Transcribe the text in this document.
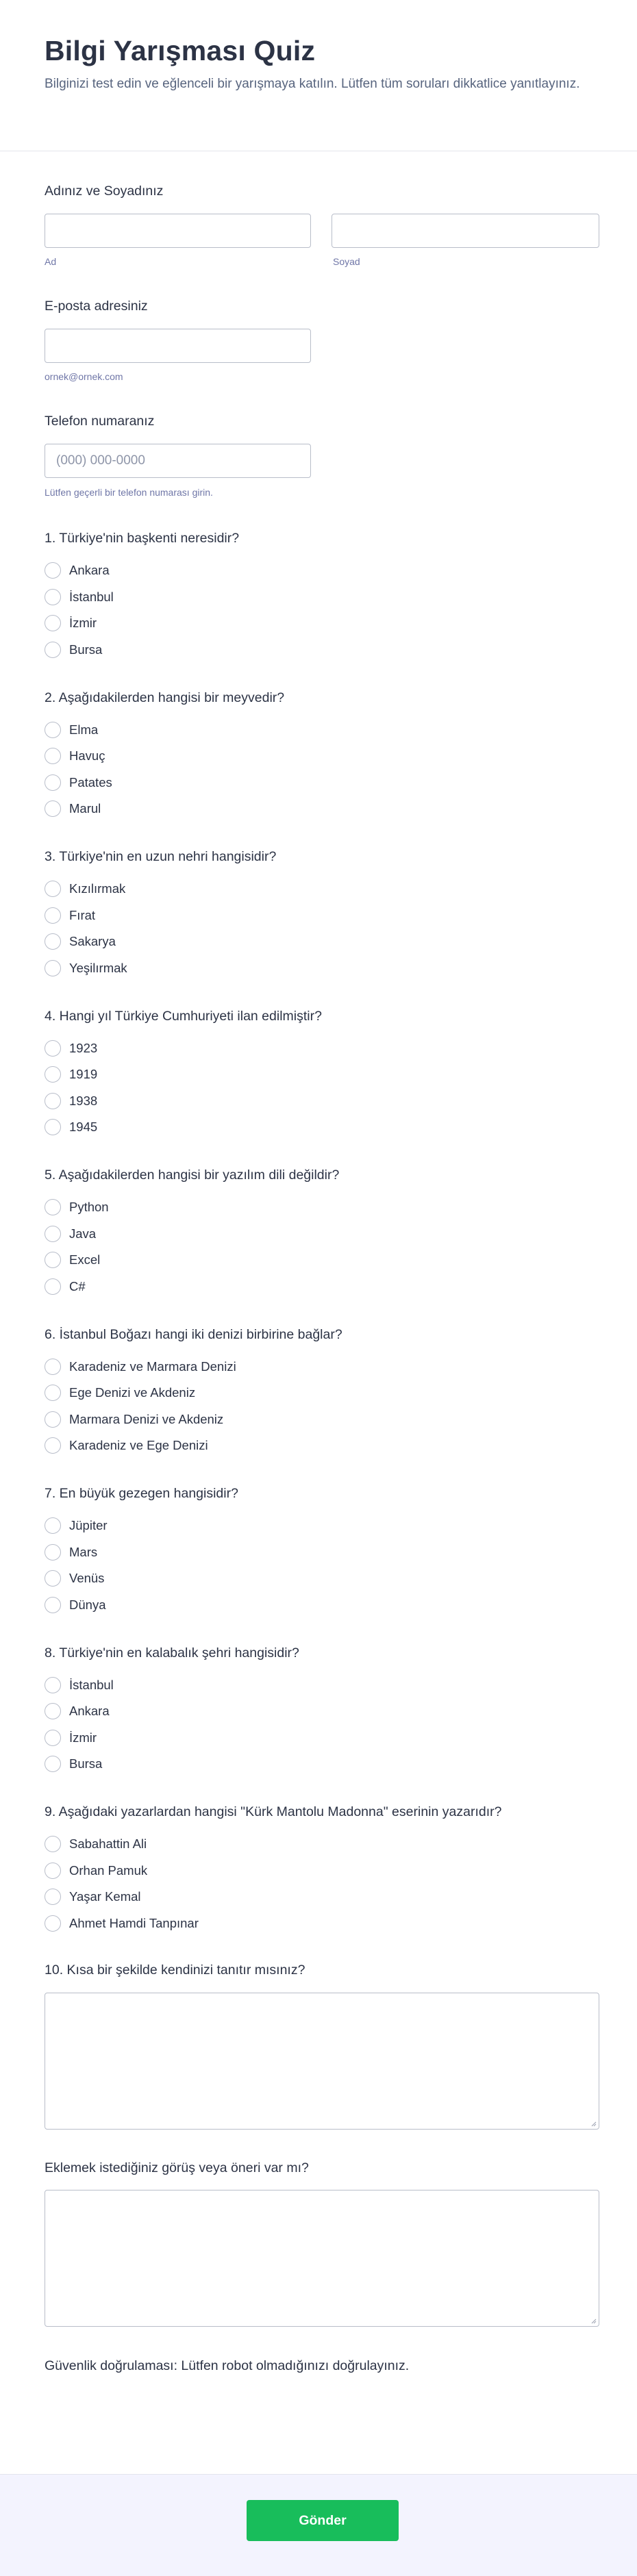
Bilgi Yarışması Quiz
Bilginizi test edin ve eğlenceli bir yarışmaya katılın. Lütfen tüm soruları dikkatlice yanıtlayınız.
Adınız ve Soyadınız
Ad	Soyad
E-posta adresiniz
ornek@ornek.com
Telefon numaranız
(000) 000-0000
Lütfen geçerli bir telefon numarası girin.
1. Türkiye'nin başkenti neresidir?
Ankara
İstanbul
İzmir
Bursa
2. Aşağıdakilerden hangisi bir meyvedir?
Elma
Havuç
Patates
Marul
3. Türkiye'nin en uzun nehri hangisidir?
Kızılırmak
Fırat
Sakarya
Yeşilırmak
4. Hangi yıl Türkiye Cumhuriyeti ilan edilmiştir?
1923
1919
1938
1945
5. Aşağıdakilerden hangisi bir yazılım dili değildir?
Python
Java
Excel
C#
6. İstanbul Boğazı hangi iki denizi birbirine bağlar?
Karadeniz ve Marmara Denizi
Ege Denizi ve Akdeniz
Marmara Denizi ve Akdeniz
Karadeniz ve Ege Denizi
7. En büyük gezegen hangisidir?
Jüpiter
Mars
Venüs
Dünya
8. Türkiye'nin en kalabalık şehri hangisidir?
İstanbul
Ankara
İzmir
Bursa
9. Aşağıdaki yazarlardan hangisi "Kürk Mantolu Madonna" eserinin yazarıdır?
Sabahattin Ali
Orhan Pamuk
Yaşar Kemal
Ahmet Hamdi Tanpınar
10. Kısa bir şekilde kendinizi tanıtır mısınız?
Eklemek istediğiniz görüş veya öneri var mı?
Güvenlik doğrulaması: Lütfen robot olmadığınızı doğrulayınız.
Gönder
